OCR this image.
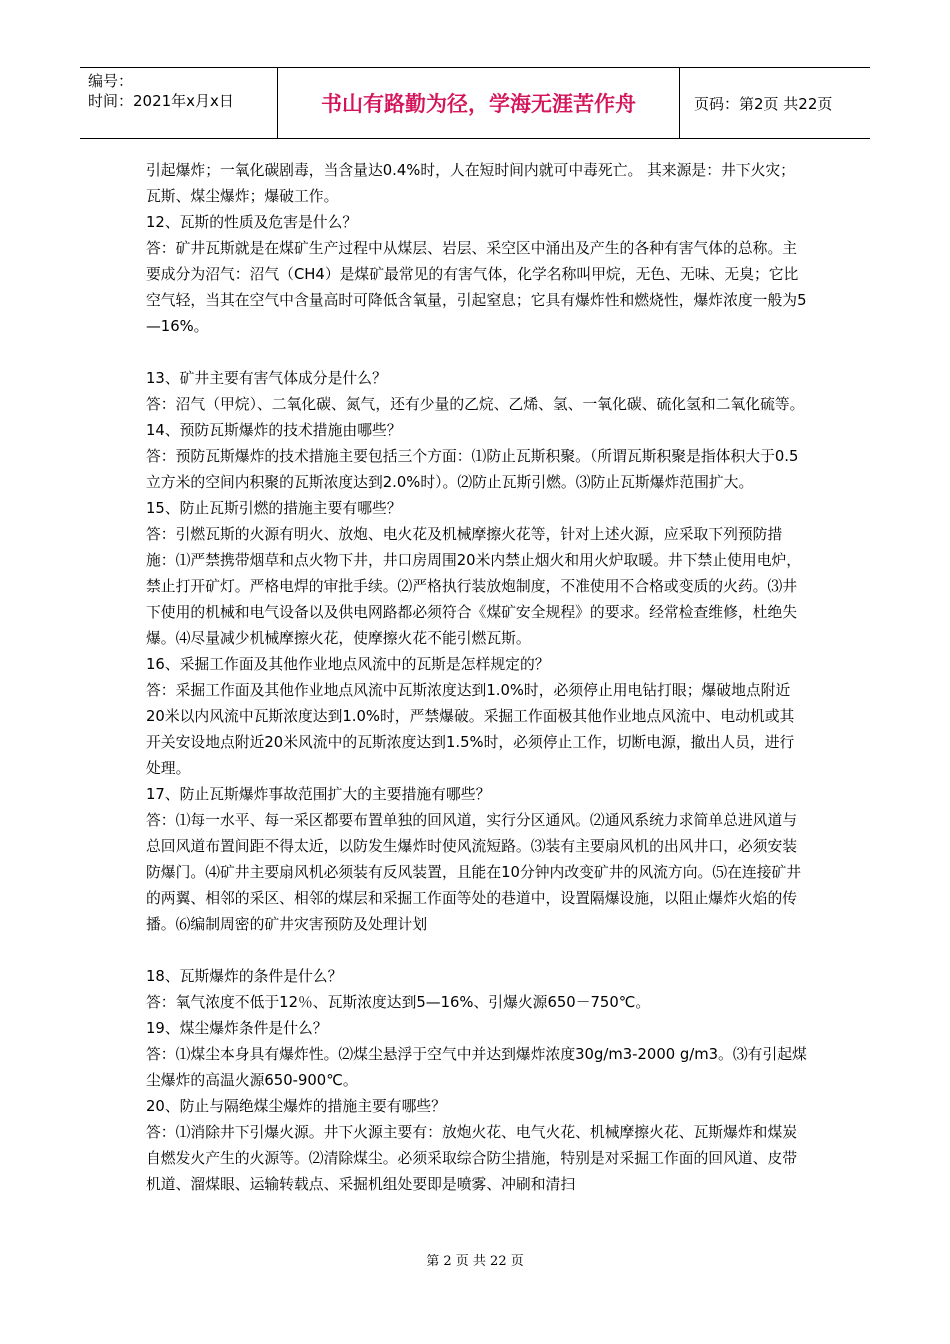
编号：
时间：2021年x月x日	书山有路勤为径，学海无涯苦作舟	页码：第2页 共22页

引起爆炸；一氧化碳剧毒，当含量达0.4%时，人在短时间内就可中毒死亡。 其来源是：井下火灾；瓦斯、煤尘爆炸；爆破工作。

12、瓦斯的性质及危害是什么？

答：矿井瓦斯就是在煤矿生产过程中从煤层、岩层、采空区中涌出及产生的各种有害气体的总称。主要成分为沼气：沼气（CH4）是煤矿最常见的有害气体，化学名称叫甲烷，无色、无味、无臭；它比空气轻，当其在空气中含量高时可降低含氧量，引起窒息；它具有爆炸性和燃烧性，爆炸浓度一般为5—16%。

13、矿井主要有害气体成分是什么？

答：沼气（甲烷）、二氧化碳、氮气，还有少量的乙烷、乙烯、氢、一氧化碳、硫化氢和二氧化硫等。

14、预防瓦斯爆炸的技术措施由哪些？

答：预防瓦斯爆炸的技术措施主要包括三个方面：⑴防止瓦斯积聚。（所谓瓦斯积聚是指体积大于0.5立方米的空间内积聚的瓦斯浓度达到2.0%时）。⑵防止瓦斯引燃。⑶防止瓦斯爆炸范围扩大。

15、防止瓦斯引燃的措施主要有哪些？

答：引燃瓦斯的火源有明火、放炮、电火花及机械摩擦火花等，针对上述火源，应采取下列预防措施：⑴严禁携带烟草和点火物下井，井口房周围20米内禁止烟火和用火炉取暖。井下禁止使用电炉，禁止打开矿灯。严格电焊的审批手续。⑵严格执行装放炮制度，不准使用不合格或变质的火药。⑶井下使用的机械和电气设备以及供电网路都必须符合《煤矿安全规程》的要求。经常检查维修，杜绝失爆。⑷尽量减少机械摩擦火花，使摩擦火花不能引燃瓦斯。

16、采掘工作面及其他作业地点风流中的瓦斯是怎样规定的？

答：采掘工作面及其他作业地点风流中瓦斯浓度达到1.0%时，必须停止用电钻打眼；爆破地点附近20米以内风流中瓦斯浓度达到1.0%时，严禁爆破。采掘工作面极其他作业地点风流中、电动机或其开关安设地点附近20米风流中的瓦斯浓度达到1.5%时，必须停止工作，切断电源，撤出人员，进行处理。

17、防止瓦斯爆炸事故范围扩大的主要措施有哪些？

答：⑴每一水平、每一采区都要布置单独的回风道，实行分区通风。⑵通风系统力求简单总进风道与总回风道布置间距不得太近，以防发生爆炸时使风流短路。⑶装有主要扇风机的出风井口，必须安装防爆门。⑷矿井主要扇风机必须装有反风装置，且能在10分钟内改变矿井的风流方向。⑸在连接矿井的两翼、相邻的采区、相邻的煤层和采掘工作面等处的巷道中，设置隔爆设施，以阻止爆炸火焰的传播。⑹编制周密的矿井灾害预防及处理计划

18、瓦斯爆炸的条件是什么？

答：氧气浓度不低于12％、瓦斯浓度达到5—16%、引爆火源650－750℃。

19、煤尘爆炸条件是什么？

答：⑴煤尘本身具有爆炸性。⑵煤尘悬浮于空气中并达到爆炸浓度30g/m3-2000 g/m3。⑶有引起煤尘爆炸的高温火源650-900℃。

20、防止与隔绝煤尘爆炸的措施主要有哪些？

答：⑴消除井下引爆火源。井下火源主要有：放炮火花、电气火花、机械摩擦火花、瓦斯爆炸和煤炭自燃发火产生的火源等。⑵清除煤尘。必须采取综合防尘措施，特别是对采掘工作面的回风道、皮带机道、溜煤眼、运输转载点、采掘机组处要即是喷雾、冲刷和清扫

第 2 页 共 22 页
